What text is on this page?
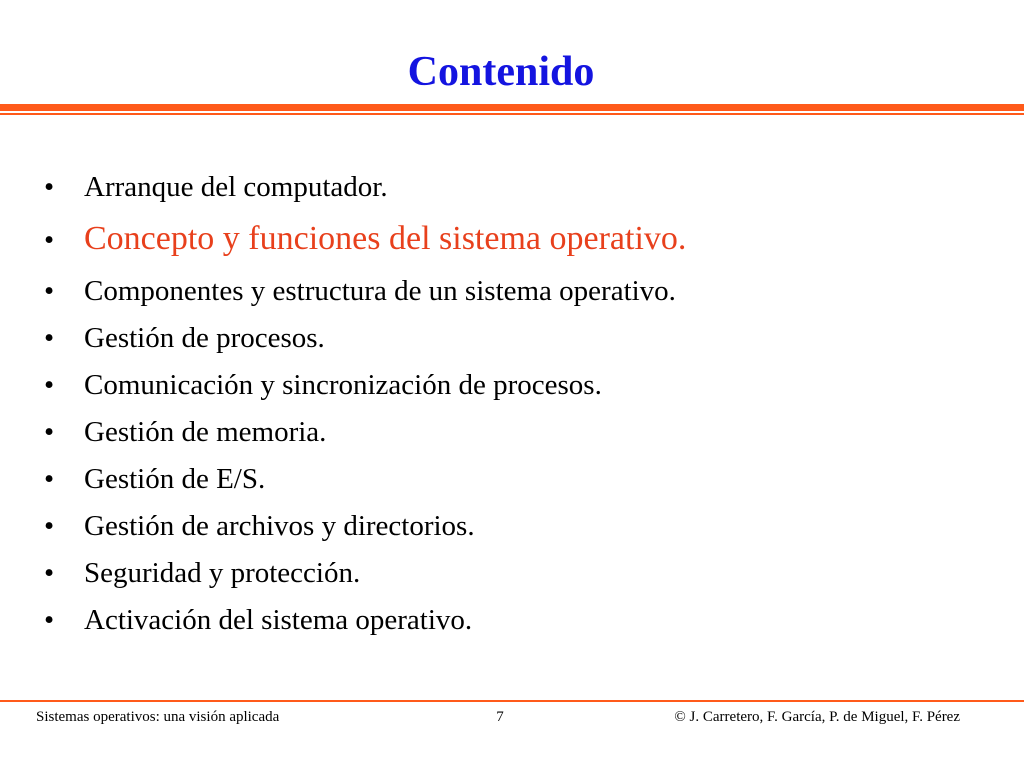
Contenido
•	Arranque del computador.
• Concepto y funciones del sistema operativo.
•	Componentes y estructura de un sistema operativo.
•	Gestión de procesos.
•	Comunicación y sincronización de procesos.
•	Gestión de memoria.
•	Gestión de E/S.
•	Gestión de archivos y directorios.
•	Seguridad y protección.
•	Activación del sistema operativo.
Sistemas operativos: una visión aplicada	7	© J. Carretero, F. García, P. de Miguel, F. Pérez
